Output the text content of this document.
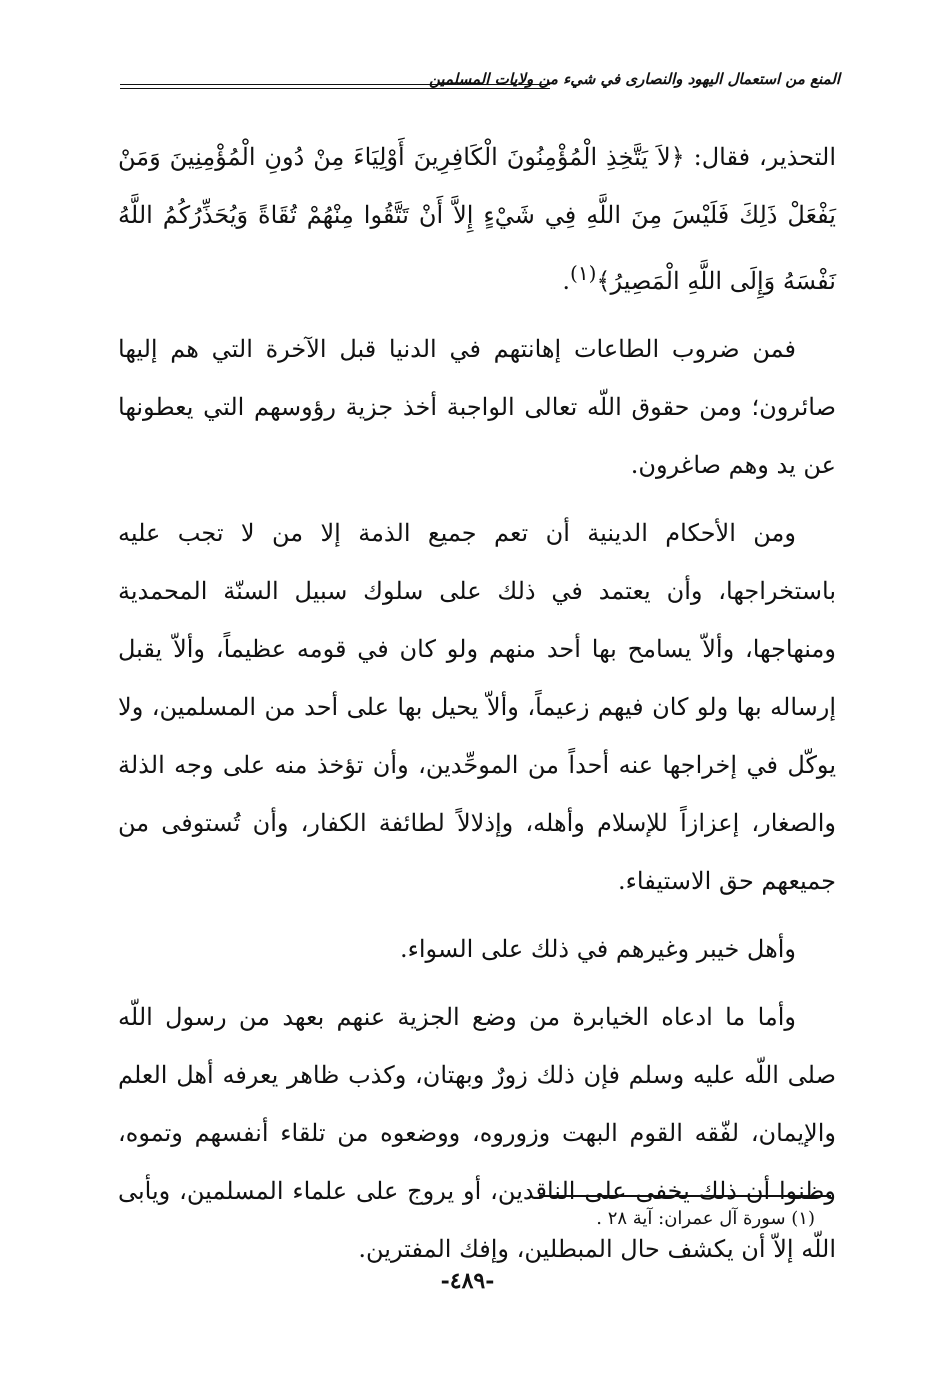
المنع من استعمال اليهود والنصارى في شيء من ولايات المسلمين

التحذير، فقال: ﴿لاَ يَتَّخِذِ الْمُؤْمِنُونَ الْكَافِرِينَ أَوْلِيَاءَ مِنْ دُونِ الْمُؤْمِنِينَ وَمَنْ يَفْعَلْ ذَلِكَ فَلَيْسَ مِنَ اللَّهِ فِي شَيْءٍ إِلاَّ أَنْ تَتَّقُوا مِنْهُمْ تُقَاةً وَيُحَذِّرُكُمُ اللَّهُ نَفْسَهُ وَإِلَى اللَّهِ الْمَصِيرُ﴾$^{(١)}$.

فمن ضروب الطاعات إهانتهم في الدنيا قبل الآخرة التي هم إليها صائرون؛ ومن حقوق اللّه تعالى الواجبة أخذ جزية رؤوسهم التي يعطونها عن يد وهم صاغرون.

ومن الأحكام الدينية أن تعم جميع الذمة إلا من لا تجب عليه باستخراجها، وأن يعتمد في ذلك على سلوك سبيل السنّة المحمدية ومنهاجها، وألاّ يسامح بها أحد منهم ولو كان في قومه عظيماً، وألاّ يقبل إرساله بها ولو كان فيهم زعيماً، وألاّ يحيل بها على أحد من المسلمين، ولا يوكّل في إخراجها عنه أحداً من الموحِّدين، وأن تؤخذ منه على وجه الذلة والصغار، إعزازاً للإسلام وأهله، وإذلالاً لطائفة الكفار، وأن تُستوفى من جميعهم حق الاستيفاء.

وأهل خيبر وغيرهم في ذلك على السواء.

وأما ما ادعاه الخيابرة من وضع الجزية عنهم بعهد من رسول اللّه صلى اللّه عليه وسلم فإن ذلك زورٌ وبهتان، وكذب ظاهر يعرفه أهل العلم والإيمان، لفّقه القوم البهت وزوروه، ووضعوه من تلقاء أنفسهم وتموه، وظنوا أن ذلك يخفى على الناقدين، أو يروج على علماء المسلمين، ويأبى اللّه إلاّ أن يكشف حال المبطلين، وإفك المفترين.

(١) سورة آل عمران: آية ٢٨ .
-٤٨٩-
